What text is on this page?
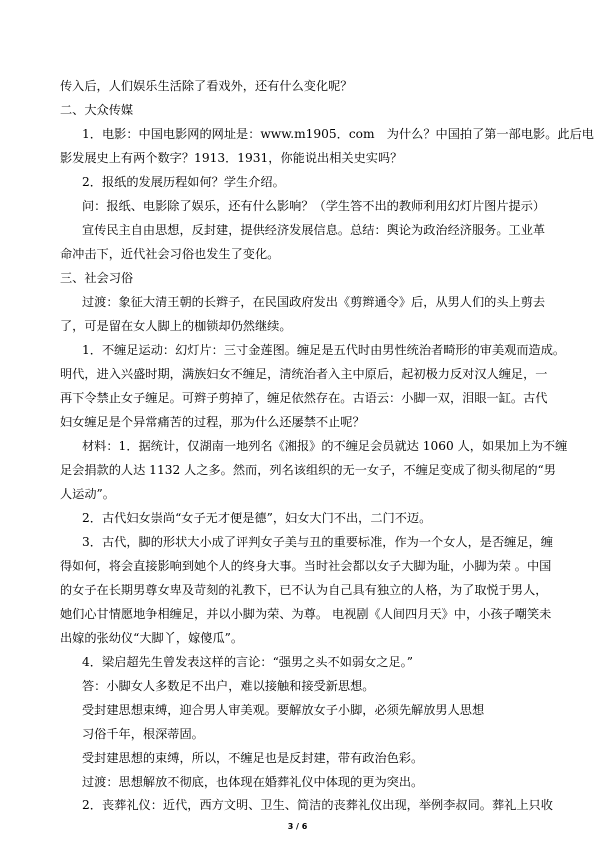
传入后，人们娱乐生活除了看戏外，还有什么变化呢？
二、大众传媒
1．电影：中国电影网的网址是：www.m1905．com　为什么？中国拍了第一部电影。此后电
影发展史上有两个数字？1913．1931，你能说出相关史实吗？
2．报纸的发展历程如何？学生介绍。
问：报纸、电影除了娱乐，还有什么影响？（学生答不出的教师利用幻灯片图片提示）
宣传民主自由思想，反封建，提供经济发展信息。总结：舆论为政治经济服务。工业革
命冲击下，近代社会习俗也发生了变化。
三、社会习俗
过渡：象征大清王朝的长辫子，在民国政府发出《剪辫通令》后，从男人们的头上剪去
了，可是留在女人脚上的枷锁却仍然继续。
1．不缠足运动：幻灯片：三寸金莲图。缠足是五代时由男性统治者畸形的审美观而造成。
明代，进入兴盛时期，满族妇女不缠足，清统治者入主中原后，起初极力反对汉人缠足，一
再下令禁止女子缠足。可辫子剪掉了，缠足依然存在。古语云：小脚一双，泪眼一缸。古代
妇女缠足是个异常痛苦的过程，那为什么还屡禁不止呢？
材料：1．据统计，仅湖南一地列名《湘报》的不缠足会员就达 1060 人，如果加上为不缠
足会捐款的人达 1132 人之多。然而，列名该组织的无一女子，不缠足变成了彻头彻尾的“男
人运动”。
2．古代妇女崇尚“女子无才便是德”，妇女大门不出，二门不迈。
3．古代，脚的形状大小成了评判女子美与丑的重要标准，作为一个女人，是否缠足，缠
得如何，将会直接影响到她个人的终身大事。当时社会都以女子大脚为耻，小脚为荣 。中国
的女子在长期男尊女卑及苛刻的礼教下，已不认为自己具有独立的人格，为了取悦于男人，
她们心甘情愿地争相缠足，并以小脚为荣、为尊。 电视剧《人间四月天》中，小孩子嘲笑未
出嫁的张幼仪“大脚丫，嫁傻瓜”。
4．梁启超先生曾发表这样的言论：“强男之头不如弱女之足。”
答：小脚女人多数足不出户，难以接触和接受新思想。
受封建思想束缚，迎合男人审美观。要解放女子小脚，必须先解放男人思想
习俗千年，根深蒂固。
受封建思想的束缚，所以，不缠足也是反封建，带有政治色彩。
过渡：思想解放不彻底，也体现在婚葬礼仪中体现的更为突出。
2．丧葬礼仪：近代，西方文明、卫生、简洁的丧葬礼仪出现，举例李叔同。葬礼上只收
3 / 6
